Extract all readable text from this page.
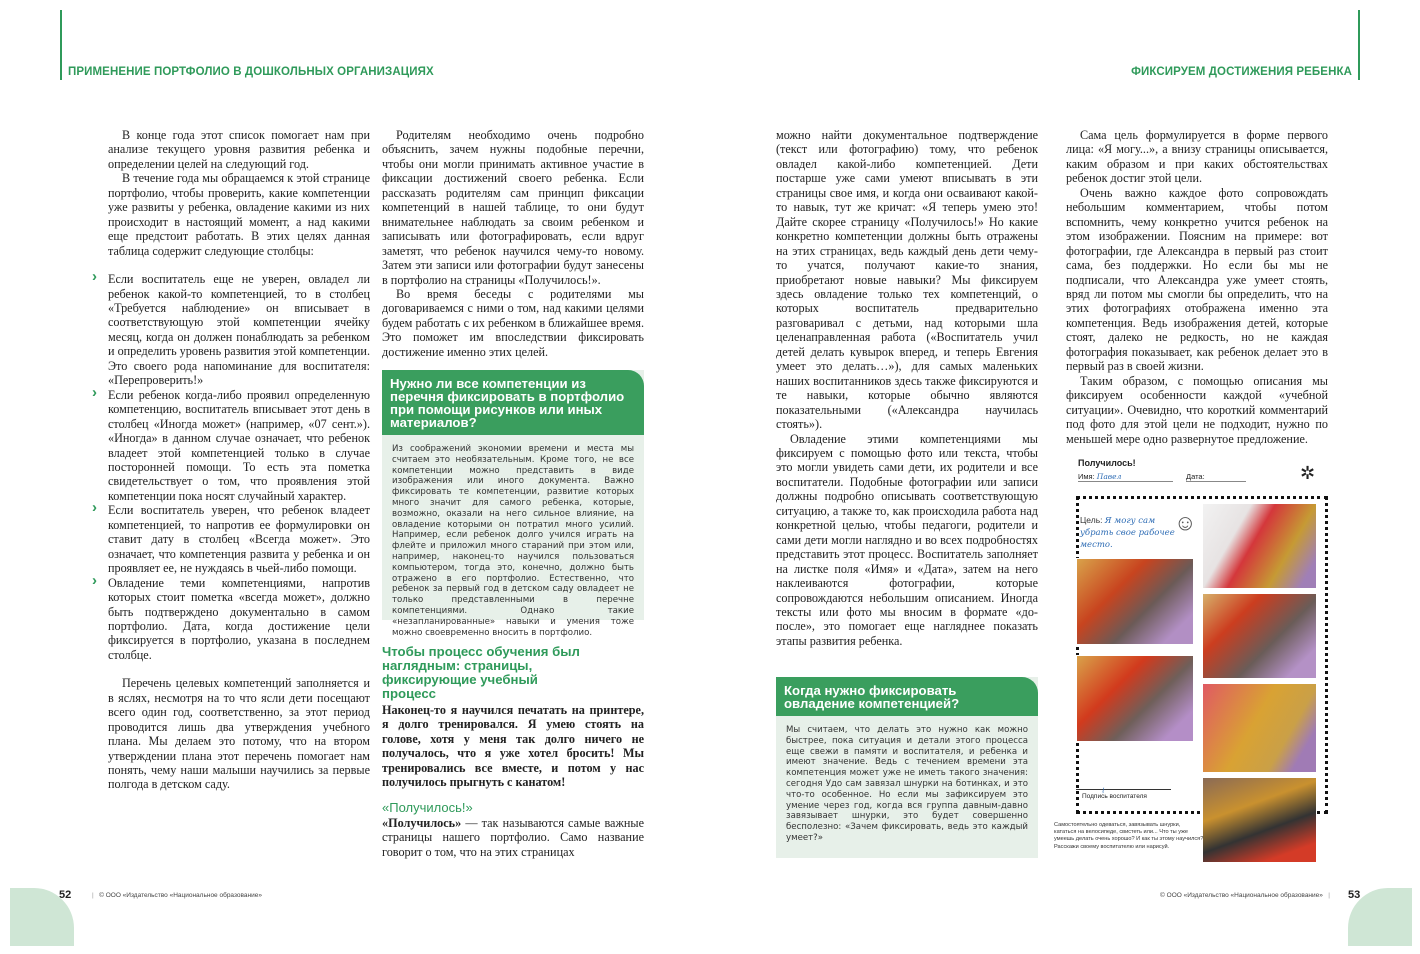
ПРИМЕНЕНИЕ ПОРТФОЛИО В ДОШКОЛЬНЫХ ОРГАНИЗАЦИЯХ	ФИКСИРУЕМ ДОСТИЖЕНИЯ РЕБЕНКА

В конце года этот список помогает нам при анализе текущего уровня развития ребенка и определении целей на следующий год.

В течение года мы обращаемся к этой странице портфолио, чтобы проверить, какие компетенции уже развиты у ребенка, овладение какими из них происходит в настоящий момент, а над какими еще предстоит работать. В этих целях данная таблица содержит следующие столбцы:

› Если воспитатель еще не уверен, овладел ли ребенок какой-то компетенцией, то в столбец «Требуется наблюдение» он вписывает в соответствующую этой компетенции ячейку месяц, когда он должен понаблюдать за ребенком и определить уровень развития этой компетенции. Это своего рода напоминание для воспитателя: «Перепроверить!»
› Если ребенок когда-либо проявил определенную компетенцию, воспитатель вписывает этот день в столбец «Иногда может» (например, «07 сент.»). «Иногда» в данном случае означает, что ребенок владеет этой компетенцией только в случае посторонней помощи. То есть эта пометка свидетельствует о том, что проявления этой компетенции пока носят случайный характер.
› Если воспитатель уверен, что ребенок владеет компетенцией, то напротив ее формулировки он ставит дату в столбец «Всегда может». Это означает, что компетенция развита у ребенка и он проявляет ее, не нуждаясь в чьей-либо помощи.
› Овладение теми компетенциями, напротив которых стоит пометка «всегда может», должно быть подтверждено документально в самом портфолио. Дата, когда достижение цели фиксируется в портфолио, указана в последнем столбце.

Перечень целевых компетенций заполняется и в яслях, несмотря на то что ясли дети посещают всего один год, соответственно, за этот период проводится лишь два утверждения учебного плана. Мы делаем это потому, что на втором утверждении плана этот перечень помогает нам понять, чему наши малыши научились за первые полгода в детском саду.

Родителям необходимо очень подробно объяснить, зачем нужны подобные перечни, чтобы они могли принимать активное участие в фиксации достижений своего ребенка. Если рассказать родителям сам принцип фиксации компетенций в нашей таблице, то они будут внимательнее наблюдать за своим ребенком и записывать или фотографировать, если вдруг заметят, что ребенок научился чему-то новому. Затем эти записи или фотографии будут занесены в портфолио на страницы «Получилось!».

Во время беседы с родителями мы договариваемся с ними о том, над какими целями будем работать с их ребенком в ближайшее время. Это поможет им впоследствии фиксировать достижение именно этих целей.

Нужно ли все компетенции из перечня фиксировать в портфолио при помощи рисунков или иных материалов?
Из соображений экономии времени и места мы считаем это необязательным. Кроме того, не все компетенции можно представить в виде изображения или иного документа. Важно фиксировать те компетенции, развитие которых много значит для самого ребенка, которые, возможно, оказали на него сильное влияние, на овладение которыми он потратил много усилий. Например, если ребенок долго учился играть на флейте и приложил много стараний при этом или, например, наконец-то научился пользоваться компьютером, тогда это, конечно, должно быть отражено в его портфолио. Естественно, что ребенок за первый год в детском саду овладеет не только представленными в перечне компетенциями. Однако такие «незапланированные» навыки и умения тоже можно своевременно вносить в портфолио.
Чтобы процесс обучения был наглядным: страницы, фиксирующие учебный процесс

Наконец-то я научился печатать на принтере, я долго тренировался. Я умею стоять на голове, хотя у меня так долго ничего не получалось, что я уже хотел бросить! Мы тренировались все вместе, и потом у нас получилось прыгнуть с канатом!

«Получилось!»

«Получилось» — так называются самые важные страницы нашего портфолио. Само название говорит о том, что на этих страницах

52	|   © ООО «Издательство «Национальное образование»

можно найти документальное подтверждение (текст или фотографию) тому, что ребенок овладел какой-либо компетенцией. Дети постарше уже сами умеют вписывать в эти страницы свое имя, и когда они осваивают какой-то навык, тут же кричат: «Я теперь умею это! Дайте скорее страницу «Получилось!» Но какие конкретно компетенции должны быть отражены на этих страницах, ведь каждый день дети чему-то учатся, получают какие-то знания, приобретают новые навыки? Мы фиксируем здесь овладение только тех компетенций, о которых воспитатель предварительно разговаривал с детьми, над которыми шла целенаправленная работа («Воспитатель учил детей делать кувырок вперед, и теперь Евгения умеет это делать…»), для самых маленьких наших воспитанников здесь также фиксируются и те навыки, которые обычно являются показательными («Александра научилась стоять»).

Овладение этими компетенциями мы фиксируем с помощью фото или текста, чтобы это могли увидеть сами дети, их родители и все воспитатели. Подобные фотографии или записи должны подробно описывать соответствующую ситуацию, а также то, как происходила работа над конкретной целью, чтобы педагоги, родители и сами дети могли наглядно и во всех подробностях представить этот процесс. Воспитатель заполняет на листке поля «Имя» и «Дата», затем на него наклеиваются фотографии, которые сопровождаются небольшим описанием. Иногда тексты или фото мы вносим в формате «до-после», это помогает еще нагляднее показать этапы развития ребенка.

Когда нужно фиксировать овладение компетенцией?
Мы считаем, что делать это нужно как можно быстрее, пока ситуация и детали этого процесса еще свежи в памяти и воспитателя, и ребенка и имеют значение. Ведь с течением времени эта компетенция может уже не иметь такого значения: сегодня Удо сам завязал шнурки на ботинках, и это что-то особенное. Но если мы зафиксируем это умение через год, когда вся группа давным-давно завязывает шнурки, это будет совершенно бесполезно: «Зачем фиксировать, ведь это каждый умеет?»

Сама цель формулируется в форме первого лица: «Я могу...», а внизу страницы описывается, каким образом и при каких обстоятельствах ребенок достиг этой цели.

Очень важно каждое фото сопровождать небольшим комментарием, чтобы потом вспомнить, чему конкретно учится ребенок на этом изображении. Поясним на примере: вот фотографии, где Александра в первый раз стоит сама, без поддержки. Но если бы мы не подписали, что Александра уже умеет стоять, вряд ли потом мы смогли бы определить, что на этих фотографиях отображена именно эта компетенция. Ведь изображения детей, которые стоят, далеко не редкость, но не каждая фотография показывает, как ребенок делает это в первый раз в своей жизни.

Таким образом, с помощью описания мы фиксируем особенности каждой «учебной ситуации». Очевидно, что короткий комментарий под фото для этой цели не подходит, нужно по меньшей мере одно развернутое предложение.

Получилось!
Имя: Павел	Дата:	✲
Цель: Я могу сам убрать свое рабочее место.
☺
⌇
Подпись воспитателя
Самостоятельно одеваться, завязывать шнурки, кататься на велосипеде, свистеть или... Что ты уже умеешь делать очень хорошо? И как ты этому научился? Расскажи своему воспитателю или нарисуй.
53
© ООО «Издательство «Национальное образование»   |
